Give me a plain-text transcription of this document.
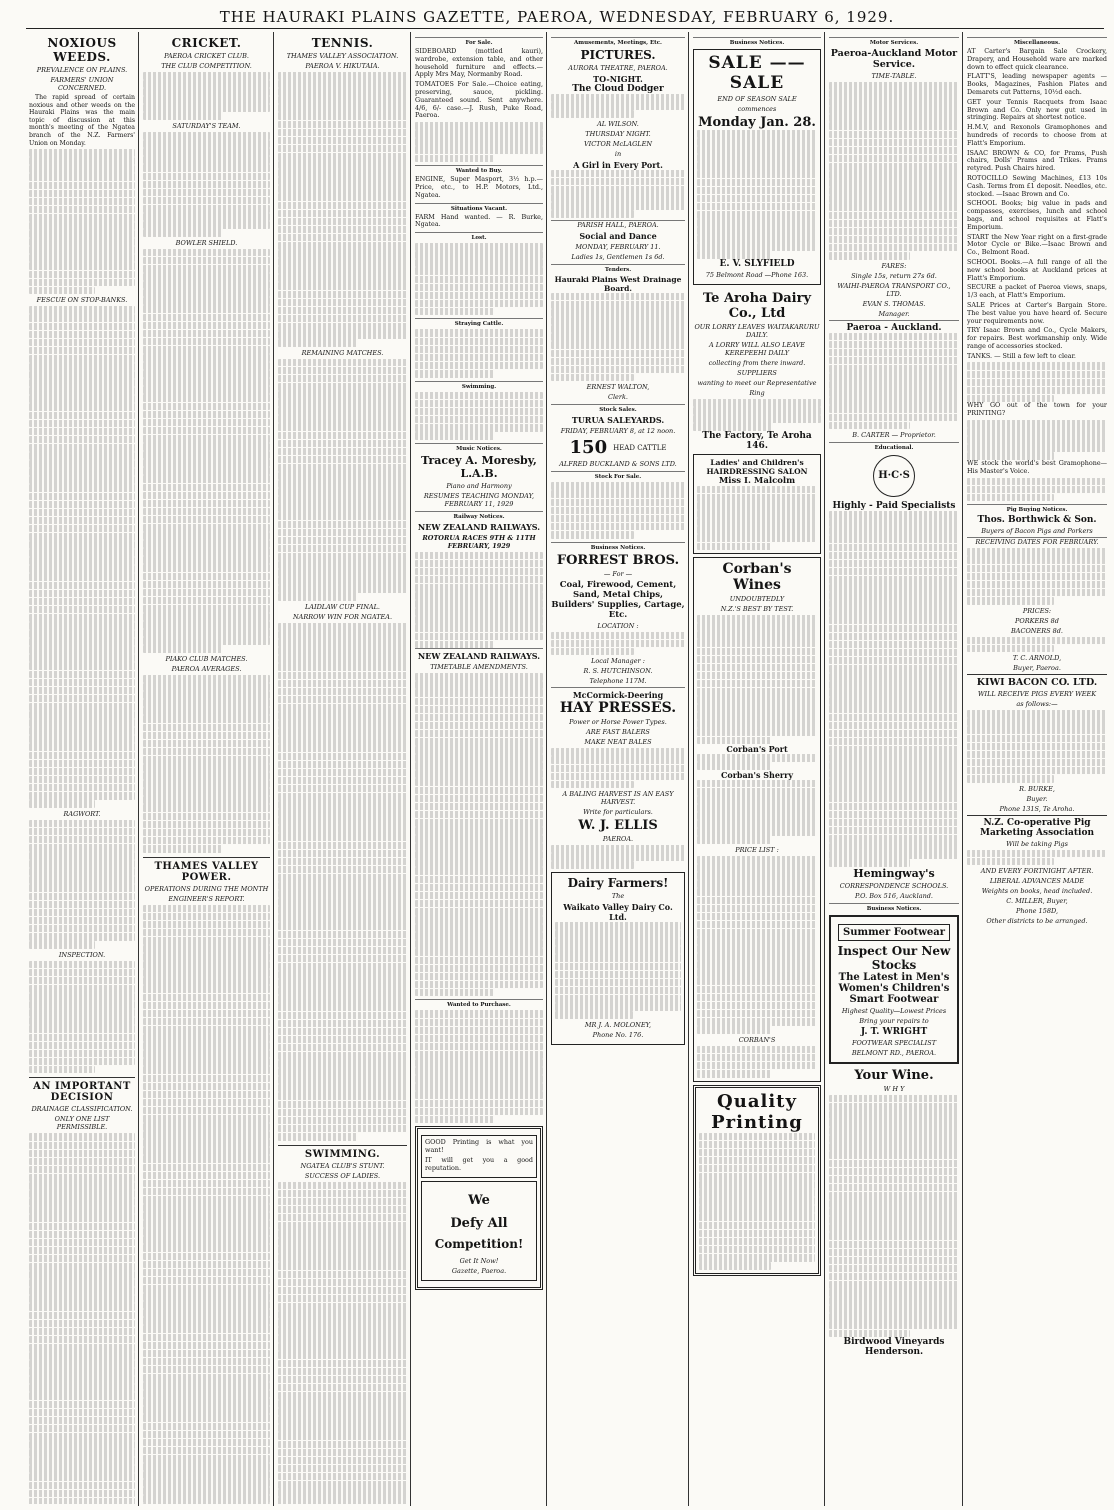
THE HAURAKI PLAINS GAZETTE, PAEROA, WEDNESDAY, FEBRUARY 6, 1929.
NOXIOUS WEEDS.
PREVALENCE ON PLAINS.
FARMERS' UNION CONCERNED.

The rapid spread of certain noxious and other weeds on the Hauraki Plains was the main topic of discussion at this month's meeting of the Ngatea branch of the N.Z. Farmers' Union on Monday.

FESCUE ON STOP-BANKS.
RAGWORT.
INSPECTION.
AN IMPORTANT DECISION
DRAINAGE CLASSIFICATION.
ONLY ONE LIST PERMISSIBLE.
CRICKET.
PAEROA CRICKET CLUB.
THE CLUB COMPETITION.
SATURDAY'S TEAM.
BOWLER SHIELD.
PIAKO CLUB MATCHES.
PAEROA AVERAGES.
THAMES VALLEY POWER.
OPERATIONS DURING THE MONTH
ENGINEER'S REPORT.
TENNIS.
THAMES VALLEY ASSOCIATION.
PAEROA V. HIKUTAIA.
REMAINING MATCHES.
LAIDLAW CUP FINAL.
NARROW WIN FOR NGATEA.
SWIMMING.
NGATEA CLUB'S STUNT.
SUCCESS OF LADIES.
For Sale.

SIDEBOARD (mottled kauri), wardrobe, extension table, and other household furniture and effects.—Apply Mrs May, Normanby Road.

TOMATOES For Sale.—Choice eating, preserving, sauce, pickling. Guaranteed sound. Sent anywhere. 4/6, 6/- case.—J. Rush, Puke Road, Paeroa.

Wanted to Buy.

ENGINE, Super Masport, 3½ h.p.— Price, etc., to H.P. Motors, Ltd., Ngatea.

Situations Vacant.

FARM Hand wanted. — R. Burke, Ngatea.

Lost.
Straying Cattle.
Swimming.
Music Notices.
Tracey A. Moresby, L.A.B.
Piano and Harmony
RESUMES TEACHING MONDAY, FEBRUARY 11, 1929
Railway Notices.
NEW ZEALAND RAILWAYS.
ROTORUA RACES 9TH & 11TH FEBRUARY, 1929
NEW ZEALAND RAILWAYS.
TIMETABLE AMENDMENTS.
Wanted to Purchase.

GOOD Printing is what you want!

IT will get you a good reputation.

We
Defy All
Competition!
Get It Now!
Gazette, Paeroa.
Amusements, Meetings, Etc.
PICTURES.
AURORA THEATRE, PAEROA.
TO-NIGHT.
The Cloud Dodger
AL WILSON.
THURSDAY NIGHT.
VICTOR McLAGLEN
in
A Girl in Every Port.
PARISH HALL, PAEROA.
Social and Dance
MONDAY, FEBRUARY 11.
Ladies 1s, Gentlemen 1s 6d.
Tenders.
Hauraki Plains West Drainage Board.
ERNEST WALTON,
Clerk.
Stock Sales.
TURUA SALEYARDS.
FRIDAY, FEBRUARY 8, at 12 noon.
150 HEAD CATTLE
ALFRED BUCKLAND & SONS LTD.
Stock For Sale.
Business Notices.
FORREST BROS.
— For —
Coal, Firewood, Cement, Sand, Metal Chips, Builders' Supplies, Cartage, Etc.
LOCATION :
Local Manager :
R. S. HUTCHINSON.
Telephone 117M.
McCormick-Deering
HAY PRESSES.
Power or Horse Power Types.
ARE FAST BALERS
MAKE NEAT BALES
A BALING HARVEST IS AN EASY HARVEST.
Write for particulars.
W. J. ELLIS
PAEROA.
Dairy Farmers!
The
Waikato Valley Dairy Co. Ltd.
MR J. A. MOLONEY,
Phone No. 176.
Business Notices.
SALE —— SALE
END OF SEASON SALE
commences
Monday Jan. 28.
E. V. SLYFIELD
75 Belmont Road —Phone 163.
Te Aroha Dairy Co., Ltd
OUR LORRY LEAVES WAITAKARURU DAILY.
A LORRY WILL ALSO LEAVE KEREPEEHI DAILY
collecting from there inward.
SUPPLIERS
wanting to meet our Representative
Ring
The Factory, Te Aroha 146.
Ladies' and Children's HAIRDRESSING SALON
Miss I. Malcolm
Corban's Wines
UNDOUBTEDLY
N.Z.'S BEST BY TEST.
Corban's Port
Corban's Sherry
PRICE LIST :
CORBAN'S
Quality
Printing
Motor Services.
Paeroa-Auckland Motor Service.
TIME-TABLE.
FARES:
Single 15s, return 27s 6d.
WAIHI-PAEROA TRANSPORT CO., LTD.
EVAN S. THOMAS.
Manager.
Paeroa - Auckland.
B. CARTER — Proprietor.
Educational.
H·C·S
Highly - Paid Specialists
Hemingway's
CORRESPONDENCE SCHOOLS.
P.O. Box 516, Auckland.
Business Notices.
Summer Footwear
Inspect Our New Stocks
The Latest in Men's Women's Children's Smart Footwear
Highest Quality—Lowest Prices
Bring your repairs to
J. T. WRIGHT
FOOTWEAR SPECIALIST
BELMONT RD., PAEROA.
Your Wine.
W H Y
Birdwood Vineyards Henderson.
Miscellaneous.

AT Carter's Bargain Sale Crockery, Drapery, and Household ware are marked down to effect quick clearance.

FLATT'S, leading newspaper agents — Books, Magazines, Fashion Plates and Demarets cut Patterns, 10½d each.

GET your Tennis Racquets from Isaac Brown and Co. Only new gut used in stringing. Repairs at shortest notice.

H.M.V, and Rexonols Gramophones and hundreds of records to choose from at Flatt's Emporium.

ISAAC BROWN & CO, for Prams, Push chairs, Dolls' Prams and Trikes. Prams retyred. Push Chairs hired.

ROTOCILLO Sewing Machines, £13 10s Cash. Terms from £1 deposit. Needles, etc. stocked. —Isaac Brown and Co.

SCHOOL Books; big value in pads and compasses, exercises, lunch and school bags, and school requisites at Flatt's Emporium.

START the New Year right on a first-grade Motor Cycle or Bike.—Isaac Brown and Co., Belmont Road.

SCHOOL Books.—A full range of all the new school books at Auckland prices at Flatt's Emporium.

SECURE a packet of Paeroa views, snaps, 1/3 each, at Flatt's Emporium.

SALE Prices at Carter's Bargain Store. The best value you have heard of. Secure your requirements now.

TRY Isaac Brown and Co., Cycle Makers, for repairs. Best workmanship only. Wide range of accessories stocked.

TANKS. — Still a few left to clear.

WHY GO out of the town for your PRINTING?

WE stock the world's best Gramophone—His Master's Voice.

Pig Buying Notices.
Thos. Borthwick & Son.
Buyers of Bacon Pigs and Porkers
RECEIVING DATES FOR FEBRUARY.
PRICES:
PORKERS 8d
BACONERS 8d.
T. C. ARNOLD,
Buyer, Paeroa.
KIWI BACON CO. LTD.
WILL RECEIVE PIGS EVERY WEEK
as follows:—
R. BURKE,
Buyer.
Phone 131S, Te Aroha.
N.Z. Co-operative Pig Marketing Association
Will be taking Pigs
AND EVERY FORTNIGHT AFTER.
LIBERAL ADVANCES MADE
Weights on books, head included.
C. MILLER, Buyer,
Phone 158D,
Other districts to be arranged.
